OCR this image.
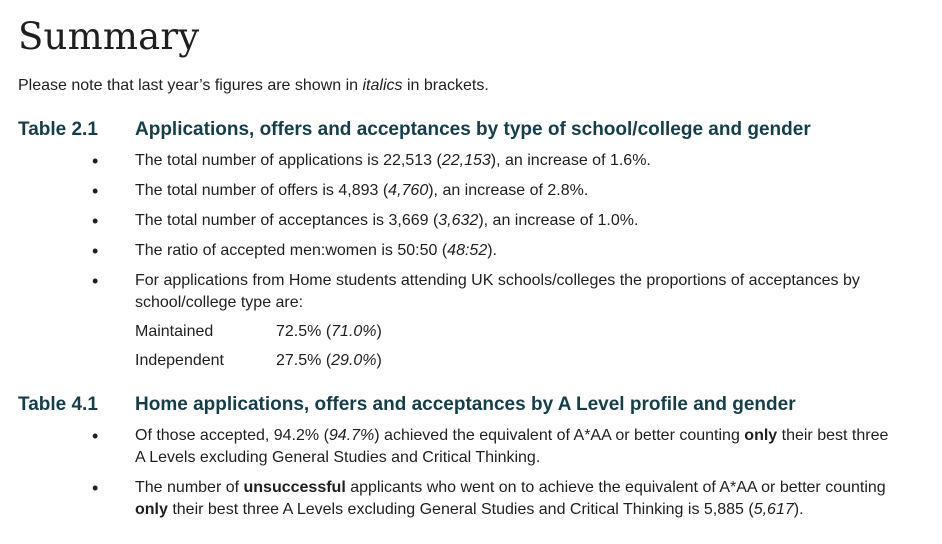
Summary
Please note that last year’s figures are shown in italics in brackets.
Table 2.1	Applications, offers and acceptances by type of school/college and gender
• The total number of applications is 22,513 (22,153), an increase of 1.6%.
• The total number of offers is 4,893 (4,760), an increase of 2.8%.
• The total number of acceptances is 3,669 (3,632), an increase of 1.0%.
• The ratio of accepted men:women is 50:50 (48:52).
• For applications from Home students attending UK schools/colleges the proportions of acceptances by
school/college type are:
Maintained	72.5% (71.0%)
Independent	27.5% (29.0%)
Table 4.1	Home applications, offers and acceptances by A Level profile and gender
• Of those accepted, 94.2% (94.7%) achieved the equivalent of A*AA or better counting only their best three
A Levels excluding General Studies and Critical Thinking.
• The number of unsuccessful applicants who went on to achieve the equivalent of A*AA or better counting
only their best three A Levels excluding General Studies and Critical Thinking is 5,885 (5,617).
